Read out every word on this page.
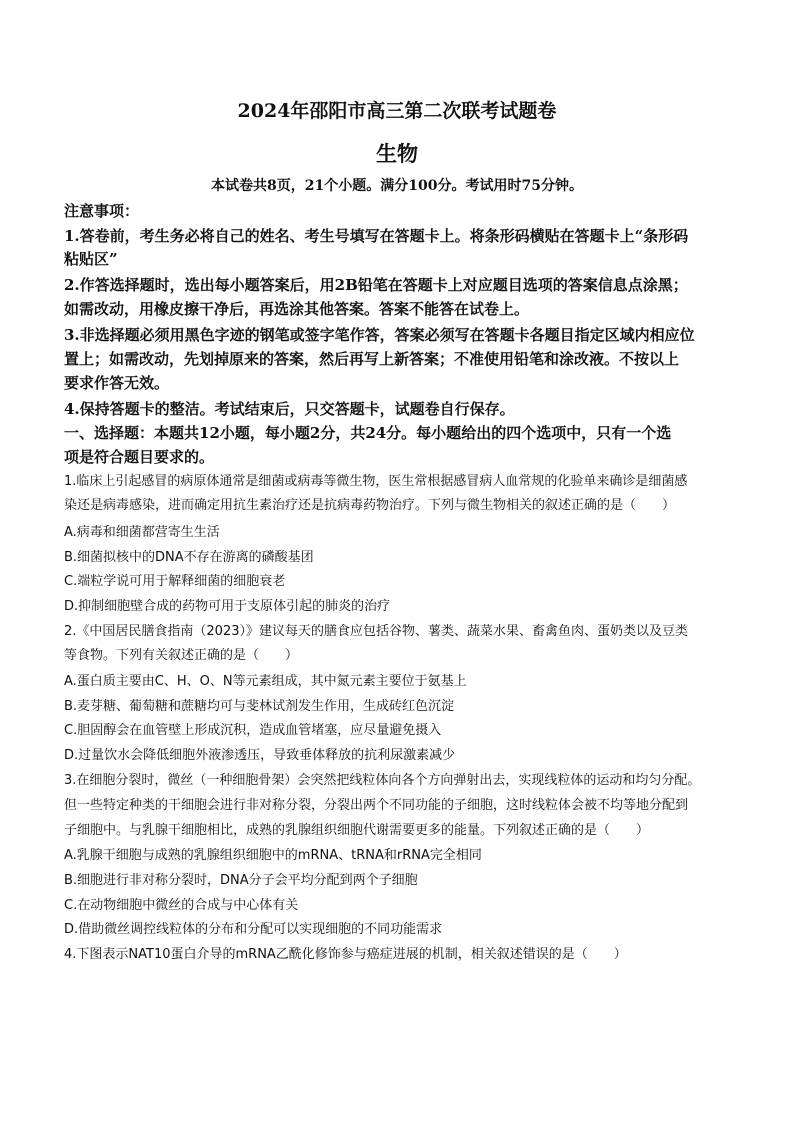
2024年邵阳市高三第二次联考试题卷
生物
本试卷共8页，21个小题。满分100分。考试用时75分钟。
注意事项：
1.答卷前，考生务必将自己的姓名、考生号填写在答题卡上。将条形码横贴在答题卡上“条形码
粘贴区”
2.作答选择题时，选出每小题答案后，用2B铅笔在答题卡上对应题目选项的答案信息点涂黑；
如需改动，用橡皮擦干净后，再选涂其他答案。答案不能答在试卷上。
3.非选择题必须用黑色字迹的钢笔或签字笔作答，答案必须写在答题卡各题目指定区域内相应位
置上；如需改动，先划掉原来的答案，然后再写上新答案；不准使用铅笔和涂改液。不按以上
要求作答无效。
4.保持答题卡的整洁。考试结束后，只交答题卡，试题卷自行保存。
一、选择题：本题共12小题，每小题2分，共24分。每小题给出的四个选项中，只有一个选
项是符合题目要求的。
1.临床上引起感冒的病原体通常是细菌或病毒等微生物，医生常根据感冒病人血常规的化验单来确诊是细菌感
染还是病毒感染，进而确定用抗生素治疗还是抗病毒药物治疗。下列与微生物相关的叙述正确的是（　　）
A.病毒和细菌都营寄生生活
B.细菌拟核中的DNA不存在游离的磷酸基团
C.端粒学说可用于解释细菌的细胞衰老
D.抑制细胞壁合成的药物可用于支原体引起的肺炎的治疗
2.《中国居民膳食指南（2023）》建议每天的膳食应包括谷物、薯类、蔬菜水果、畜禽鱼肉、蛋奶类以及豆类
等食物。下列有关叙述正确的是（　　）
A.蛋白质主要由C、H、O、N等元素组成，其中氮元素主要位于氨基上
B.麦芽糖、葡萄糖和蔗糖均可与斐林试剂发生作用，生成砖红色沉淀
C.胆固醇会在血管壁上形成沉积，造成血管堵塞，应尽量避免摄入
D.过量饮水会降低细胞外液渗透压，导致垂体释放的抗利尿激素减少
3.在细胞分裂时，微丝（一种细胞骨架）会突然把线粒体向各个方向弹射出去，实现线粒体的运动和均匀分配。
但一些特定种类的干细胞会进行非对称分裂，分裂出两个不同功能的子细胞，这时线粒体会被不均等地分配到
子细胞中。与乳腺干细胞相比，成熟的乳腺组织细胞代谢需要更多的能量。下列叙述正确的是（　　）
A.乳腺干细胞与成熟的乳腺组织细胞中的mRNA、tRNA和rRNA完全相同
B.细胞进行非对称分裂时，DNA分子会平均分配到两个子细胞
C.在动物细胞中微丝的合成与中心体有关
D.借助微丝调控线粒体的分布和分配可以实现细胞的不同功能需求
4.下图表示NAT10蛋白介导的mRNA乙酰化修饰参与癌症进展的机制，相关叙述错误的是（　　）
